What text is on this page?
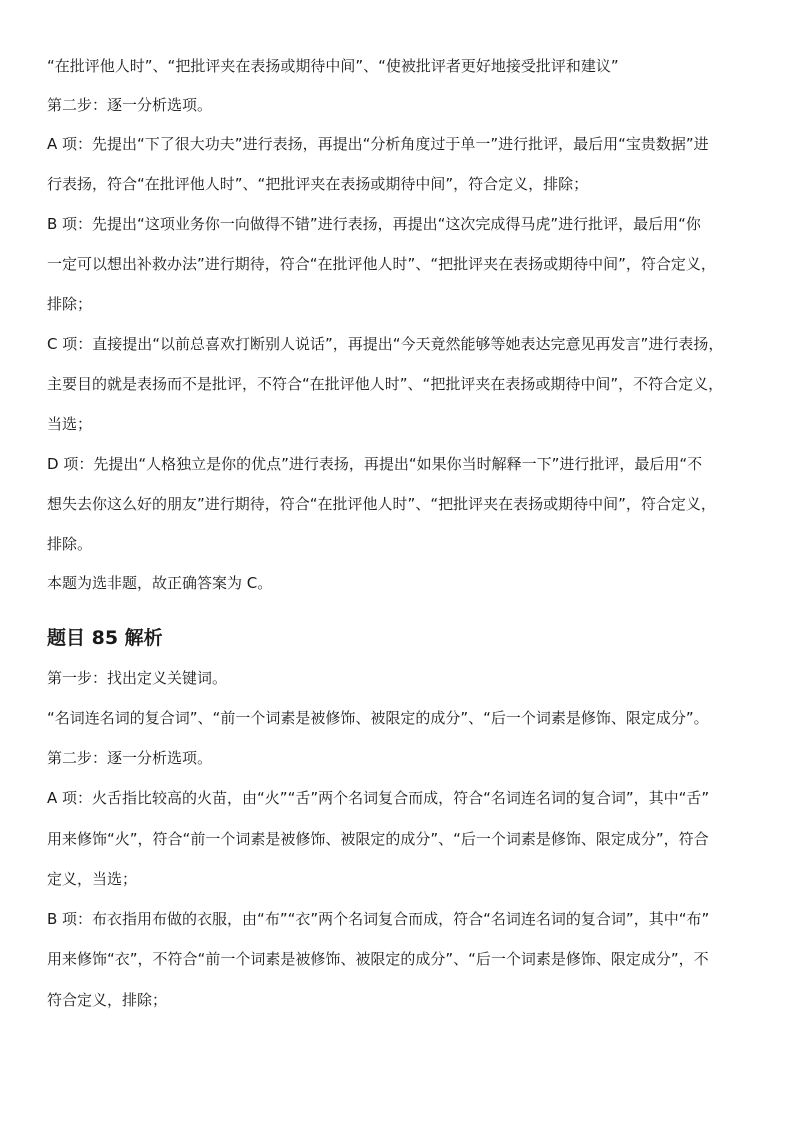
“在批评他人时”、“把批评夹在表扬或期待中间”、“使被批评者更好地接受批评和建议”

第二步：逐一分析选项。

A 项：先提出“下了很大功夫”进行表扬，再提出“分析角度过于单一”进行批评，最后用“宝贵数据”进

行表扬，符合“在批评他人时”、“把批评夹在表扬或期待中间”，符合定义，排除；

B 项：先提出“这项业务你一向做得不错”进行表扬，再提出“这次完成得马虎”进行批评，最后用“你

一定可以想出补救办法”进行期待，符合“在批评他人时”、“把批评夹在表扬或期待中间”，符合定义，

排除；

C 项：直接提出“以前总喜欢打断别人说话”，再提出“今天竟然能够等她表达完意见再发言”进行表扬，

主要目的就是表扬而不是批评，不符合“在批评他人时”、“把批评夹在表扬或期待中间”，不符合定义，

当选；

D 项：先提出“人格独立是你的优点”进行表扬，再提出“如果你当时解释一下”进行批评，最后用“不

想失去你这么好的朋友”进行期待，符合“在批评他人时”、“把批评夹在表扬或期待中间”，符合定义，

排除。

本题为选非题，故正确答案为 C。

题目 85 解析

第一步：找出定义关键词。

“名词连名词的复合词”、“前一个词素是被修饰、被限定的成分”、“后一个词素是修饰、限定成分”。

第二步：逐一分析选项。

A 项：火舌指比较高的火苗，由“火”“舌”两个名词复合而成，符合“名词连名词的复合词”，其中“舌”

用来修饰“火”，符合“前一个词素是被修饰、被限定的成分”、“后一个词素是修饰、限定成分”，符合

定义，当选；

B 项：布衣指用布做的衣服，由“布”“衣”两个名词复合而成，符合“名词连名词的复合词”，其中“布”

用来修饰“衣”，不符合“前一个词素是被修饰、被限定的成分”、“后一个词素是修饰、限定成分”，不

符合定义，排除；
